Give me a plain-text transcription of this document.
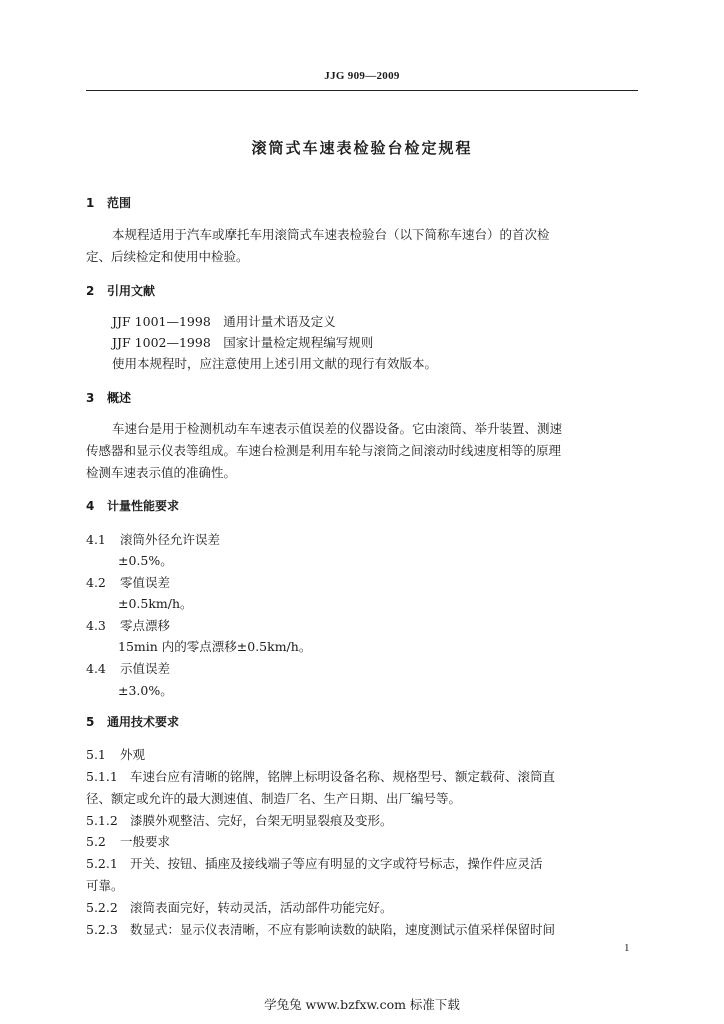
JJG 909—2009
滚筒式车速表检验台检定规程
1 范围
本规程适用于汽车或摩托车用滚筒式车速表检验台（以下简称车速台）的首次检
定、后续检定和使用中检验。
2 引用文献
JJF 1001—1998　通用计量术语及定义
JJF 1002—1998　国家计量检定规程编写规则
使用本规程时，应注意使用上述引用文献的现行有效版本。
3 概述
车速台是用于检测机动车车速表示值误差的仪器设备。它由滚筒、举升装置、测速
传感器和显示仪表等组成。车速台检测是利用车轮与滚筒之间滚动时线速度相等的原理
检测车速表示值的准确性。
4 计量性能要求
4.1 滚筒外径允许误差
±0.5%。
4.2 零值误差
±0.5km/h。
4.3 零点漂移
15min 内的零点漂移±0.5km/h。
4.4 示值误差
±3.0%。
5 通用技术要求
5.1 外观
5.1.1 车速台应有清晰的铭牌，铭牌上标明设备名称、规格型号、额定载荷、滚筒直
径、额定或允许的最大测速值、制造厂名、生产日期、出厂编号等。
5.1.2 漆膜外观整洁、完好，台架无明显裂痕及变形。
5.2 一般要求
5.2.1 开关、按钮、插座及接线端子等应有明显的文字或符号标志，操作件应灵活
可靠。
5.2.2 滚筒表面完好，转动灵活，活动部件功能完好。
5.2.3 数显式：显示仪表清晰，不应有影响读数的缺陷，速度测试示值采样保留时间
1
学兔兔 www.bzfxw.com 标准下载
